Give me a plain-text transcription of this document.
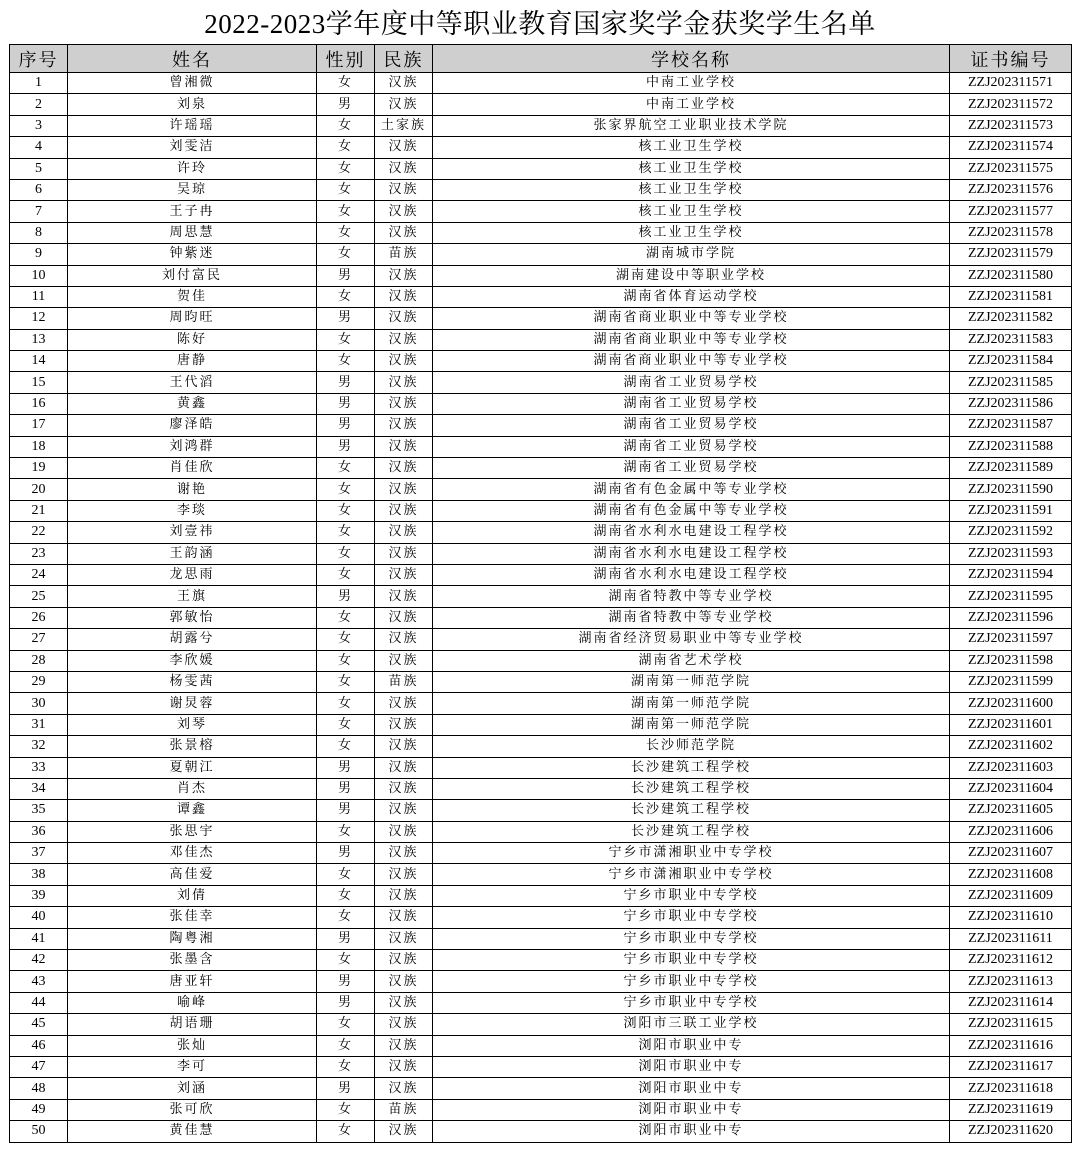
2022-2023学年度中等职业教育国家奖学金获奖学生名单
序号	姓名	性别	民族	学校名称	证书编号
1	曾湘微	女	汉族	中南工业学校	ZZJ202311571
2	刘泉	男	汉族	中南工业学校	ZZJ202311572
3	许瑶瑶	女	土家族	张家界航空工业职业技术学院	ZZJ202311573
4	刘雯洁	女	汉族	核工业卫生学校	ZZJ202311574
5	许玲	女	汉族	核工业卫生学校	ZZJ202311575
6	吴琼	女	汉族	核工业卫生学校	ZZJ202311576
7	王子冉	女	汉族	核工业卫生学校	ZZJ202311577
8	周思慧	女	汉族	核工业卫生学校	ZZJ202311578
9	钟紫迷	女	苗族	湖南城市学院	ZZJ202311579
10	刘付富民	男	汉族	湖南建设中等职业学校	ZZJ202311580
11	贺佳	女	汉族	湖南省体育运动学校	ZZJ202311581
12	周昀旺	男	汉族	湖南省商业职业中等专业学校	ZZJ202311582
13	陈好	女	汉族	湖南省商业职业中等专业学校	ZZJ202311583
14	唐静	女	汉族	湖南省商业职业中等专业学校	ZZJ202311584
15	王代滔	男	汉族	湖南省工业贸易学校	ZZJ202311585
16	黄鑫	男	汉族	湖南省工业贸易学校	ZZJ202311586
17	廖泽皓	男	汉族	湖南省工业贸易学校	ZZJ202311587
18	刘鸿群	男	汉族	湖南省工业贸易学校	ZZJ202311588
19	肖佳欣	女	汉族	湖南省工业贸易学校	ZZJ202311589
20	谢艳	女	汉族	湖南省有色金属中等专业学校	ZZJ202311590
21	李琰	女	汉族	湖南省有色金属中等专业学校	ZZJ202311591
22	刘壹祎	女	汉族	湖南省水利水电建设工程学校	ZZJ202311592
23	王韵涵	女	汉族	湖南省水利水电建设工程学校	ZZJ202311593
24	龙思雨	女	汉族	湖南省水利水电建设工程学校	ZZJ202311594
25	王旗	男	汉族	湖南省特教中等专业学校	ZZJ202311595
26	郭敏怡	女	汉族	湖南省特教中等专业学校	ZZJ202311596
27	胡露兮	女	汉族	湖南省经济贸易职业中等专业学校	ZZJ202311597
28	李欣媛	女	汉族	湖南省艺术学校	ZZJ202311598
29	杨雯茜	女	苗族	湖南第一师范学院	ZZJ202311599
30	谢炅蓉	女	汉族	湖南第一师范学院	ZZJ202311600
31	刘琴	女	汉族	湖南第一师范学院	ZZJ202311601
32	张景榕	女	汉族	长沙师范学院	ZZJ202311602
33	夏朝江	男	汉族	长沙建筑工程学校	ZZJ202311603
34	肖杰	男	汉族	长沙建筑工程学校	ZZJ202311604
35	谭鑫	男	汉族	长沙建筑工程学校	ZZJ202311605
36	张思宇	女	汉族	长沙建筑工程学校	ZZJ202311606
37	邓佳杰	男	汉族	宁乡市潇湘职业中专学校	ZZJ202311607
38	高佳爱	女	汉族	宁乡市潇湘职业中专学校	ZZJ202311608
39	刘倩	女	汉族	宁乡市职业中专学校	ZZJ202311609
40	张佳幸	女	汉族	宁乡市职业中专学校	ZZJ202311610
41	陶粤湘	男	汉族	宁乡市职业中专学校	ZZJ202311611
42	张墨含	女	汉族	宁乡市职业中专学校	ZZJ202311612
43	唐亚轩	男	汉族	宁乡市职业中专学校	ZZJ202311613
44	喻峰	男	汉族	宁乡市职业中专学校	ZZJ202311614
45	胡语珊	女	汉族	浏阳市三联工业学校	ZZJ202311615
46	张灿	女	汉族	浏阳市职业中专	ZZJ202311616
47	李可	女	汉族	浏阳市职业中专	ZZJ202311617
48	刘涵	男	汉族	浏阳市职业中专	ZZJ202311618
49	张可欣	女	苗族	浏阳市职业中专	ZZJ202311619
50	黄佳慧	女	汉族	浏阳市职业中专	ZZJ202311620
